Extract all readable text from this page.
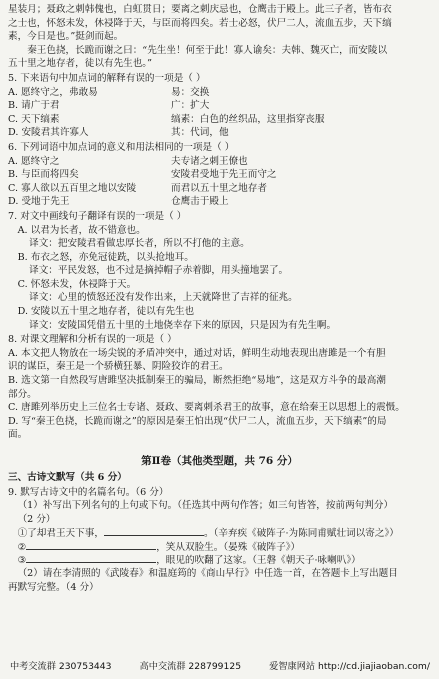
星装月；聂政之刺韩傀也，白虹贯日；要离之刺庆忌也，仓鹰击于殿上。此三子者，皆布衣
之士也，怀怒未发，休祲降于天，与臣而将四矣。若士必怒，伏尸二人，流血五步，天下缟
素，今日是也。”挺剑而起。
秦王色挠，长跪而谢之曰：“先生坐！何至于此！寡人谕矣：夫韩、魏灭亡，而安陵以
五十里之地存者，徒以有先生也。”
5. 下来语句中加点词的解释有误的一项是（ ）
A. 愿终守之，弗敢易	易：交换
B. 请广于君	广：扩大
C. 天下缟素	缟素：白色的丝织品，这里指穿丧服
D. 安陵君其许寡人	其：代词，他
6. 下列词语中加点词的意义和用法相同的一项是（ ）
A. 愿终守之	夫专诸之刺王僚也
B. 与臣而将四矣	安陵君受地于先王而守之
C. 寡人欲以五百里之地以安陵	而君以五十里之地存者
D. 受地于先王	仓鹰击于殿上
7. 对文中画线句子翻译有误的一项是（ ）
A. 以君为长者，故不错意也。
译文：把安陵君看做忠厚长者，所以不打他的主意。
B. 布衣之怒，亦免冠徒跣，以头抢地耳。
译文：平民发怒，也不过是摘掉帽子赤着脚，用头撞地罢了。
C. 怀怒未发，休祲降于天。
译文：心里的愤怒还没有发作出来，上天就降世了吉祥的征兆。
D. 安陵以五十里之地存者，徒以有先生也
译文：安陵国凭借五十里的土地侥幸存下来的原因，只是因为有先生啊。
8. 对课文理解和分析有误的一项是（ ）
A. 本文把人物放在一场尖锐的矛盾冲突中，通过对话，鲜明生动地表现出唐雎是一个有胆
识的谋臣，秦王是一个骄横狂暴、阴险狡诈的君王。
B. 选文第一自然段写唐雎坚决抵制秦王的骗局，断然拒绝“易地”，这是双方斗争的最高潮
部分。
C. 唐雎列举历史上三位名士专诸、聂政、要离刺杀君王的故事，意在给秦王以思想上的震慑。
D. 写“秦王色挠，长跪而谢之”的原因是秦王怕出现“伏尸二人，流血五步，天下缟素”的局
面。
第Ⅱ卷（其他类型题，共 76 分）
三、古诗文默写（共 6 分）
9. 默写古诗文中的名篇名句。（6 分）
（1）补写出下列名句的上句或下句。（任选其中两句作答；如三句皆答，按前两句判分）
（2 分）
①了却君王天下事，	。（辛弃疾《破阵子·为陈同甫赋壮词以寄之》）
②	，笑从双脸生。（晏殊《破阵子》）
③	，眼见的吹翻了这家。（王磐《朝天子·咏喇叭》）
（2）请在李清照的《武陵春》和温庭筠的《商山早行》中任选一首，在答题卡上写出题目
再默写完整。（4 分）
中考交流群 230753443	高中交流群 228799125	爱智康网站 http://cd.jiajiaoban.com/
